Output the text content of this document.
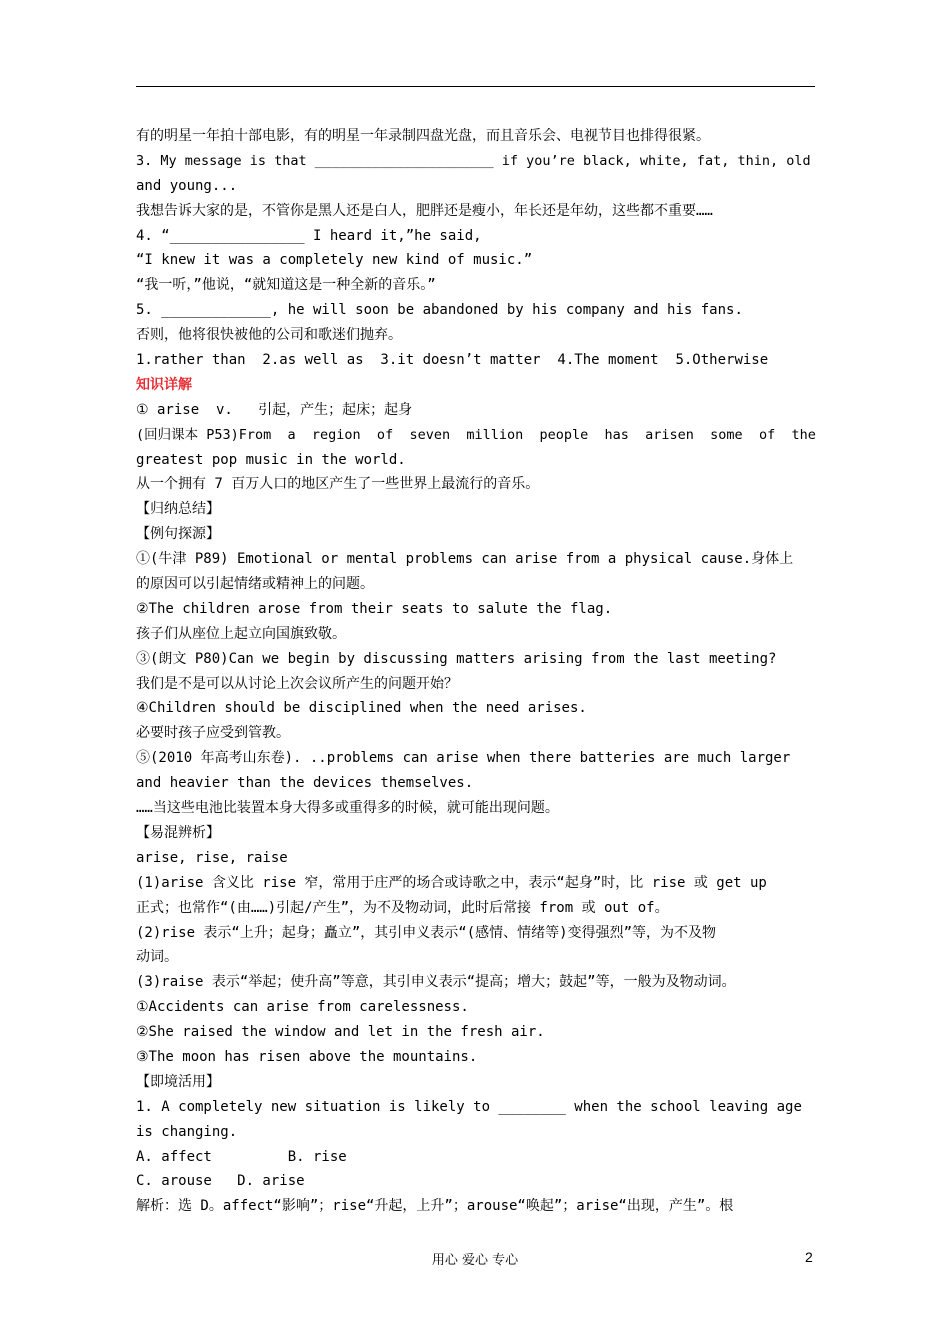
有的明星一年拍十部电影，有的明星一年录制四盘光盘，而且音乐会、电视节目也排得很紧。
3. My message is that ______________________ if you’re black, white, fat, thin, old
and young...
我想告诉大家的是，不管你是黑人还是白人，肥胖还是瘦小，年长还是年幼，这些都不重要……
4. “________________ I heard it,”he said,
“I knew it was a completely new kind of music.”
“我一听，”他说，“就知道这是一种全新的音乐。”
5. _____________, he will soon be abandoned by his company and his fans.
否则，他将很快被他的公司和歌迷们抛弃。
1.rather than  2.as well as  3.it doesn’t matter  4.The moment  5.Otherwise
知识详解
① arise  v.   引起，产生；起床；起身
(回归课本 P53)From  a  region  of  seven  million  people  has  arisen  some  of  the
greatest pop music in the world.
从一个拥有 7 百万人口的地区产生了一些世界上最流行的音乐。
【归纳总结】
【例句探源】
①(牛津 P89) Emotional or mental problems can arise from a physical cause.身体上
的原因可以引起情绪或精神上的问题。
②The children arose from their seats to salute the flag.
孩子们从座位上起立向国旗致敬。
③(朗文 P80)Can we begin by discussing matters arising from the last meeting?
我们是不是可以从讨论上次会议所产生的问题开始？
④Children should be disciplined when the need arises.
必要时孩子应受到管教。
⑤(2010 年高考山东卷). ..problems can arise when there batteries are much larger
and heavier than the devices themselves.
……当这些电池比装置本身大得多或重得多的时候，就可能出现问题。
【易混辨析】
arise, rise, raise
(1)arise 含义比 rise 窄，常用于庄严的场合或诗歌之中，表示“起身”时，比 rise 或 get up
正式；也常作“(由……)引起/产生”，为不及物动词，此时后常接 from 或 out of。
(2)rise 表示“上升；起身；矗立”，其引申义表示“(感情、情绪等)变得强烈”等，为不及物
动词。
(3)raise 表示“举起；使升高”等意，其引申义表示“提高；增大；鼓起”等，一般为及物动词。
①Accidents can arise from carelessness.
②She raised the window and let in the fresh air.
③The moon has risen above the mountains.
【即境活用】
1. A completely new situation is likely to ________ when the school leaving age
is changing.
A. affect         B. rise
C. arouse   D. arise
解析：选 D。affect“影响”；rise“升起，上升”；arouse“唤起”；arise“出现，产生”。根
用心 爱心 专心	2
